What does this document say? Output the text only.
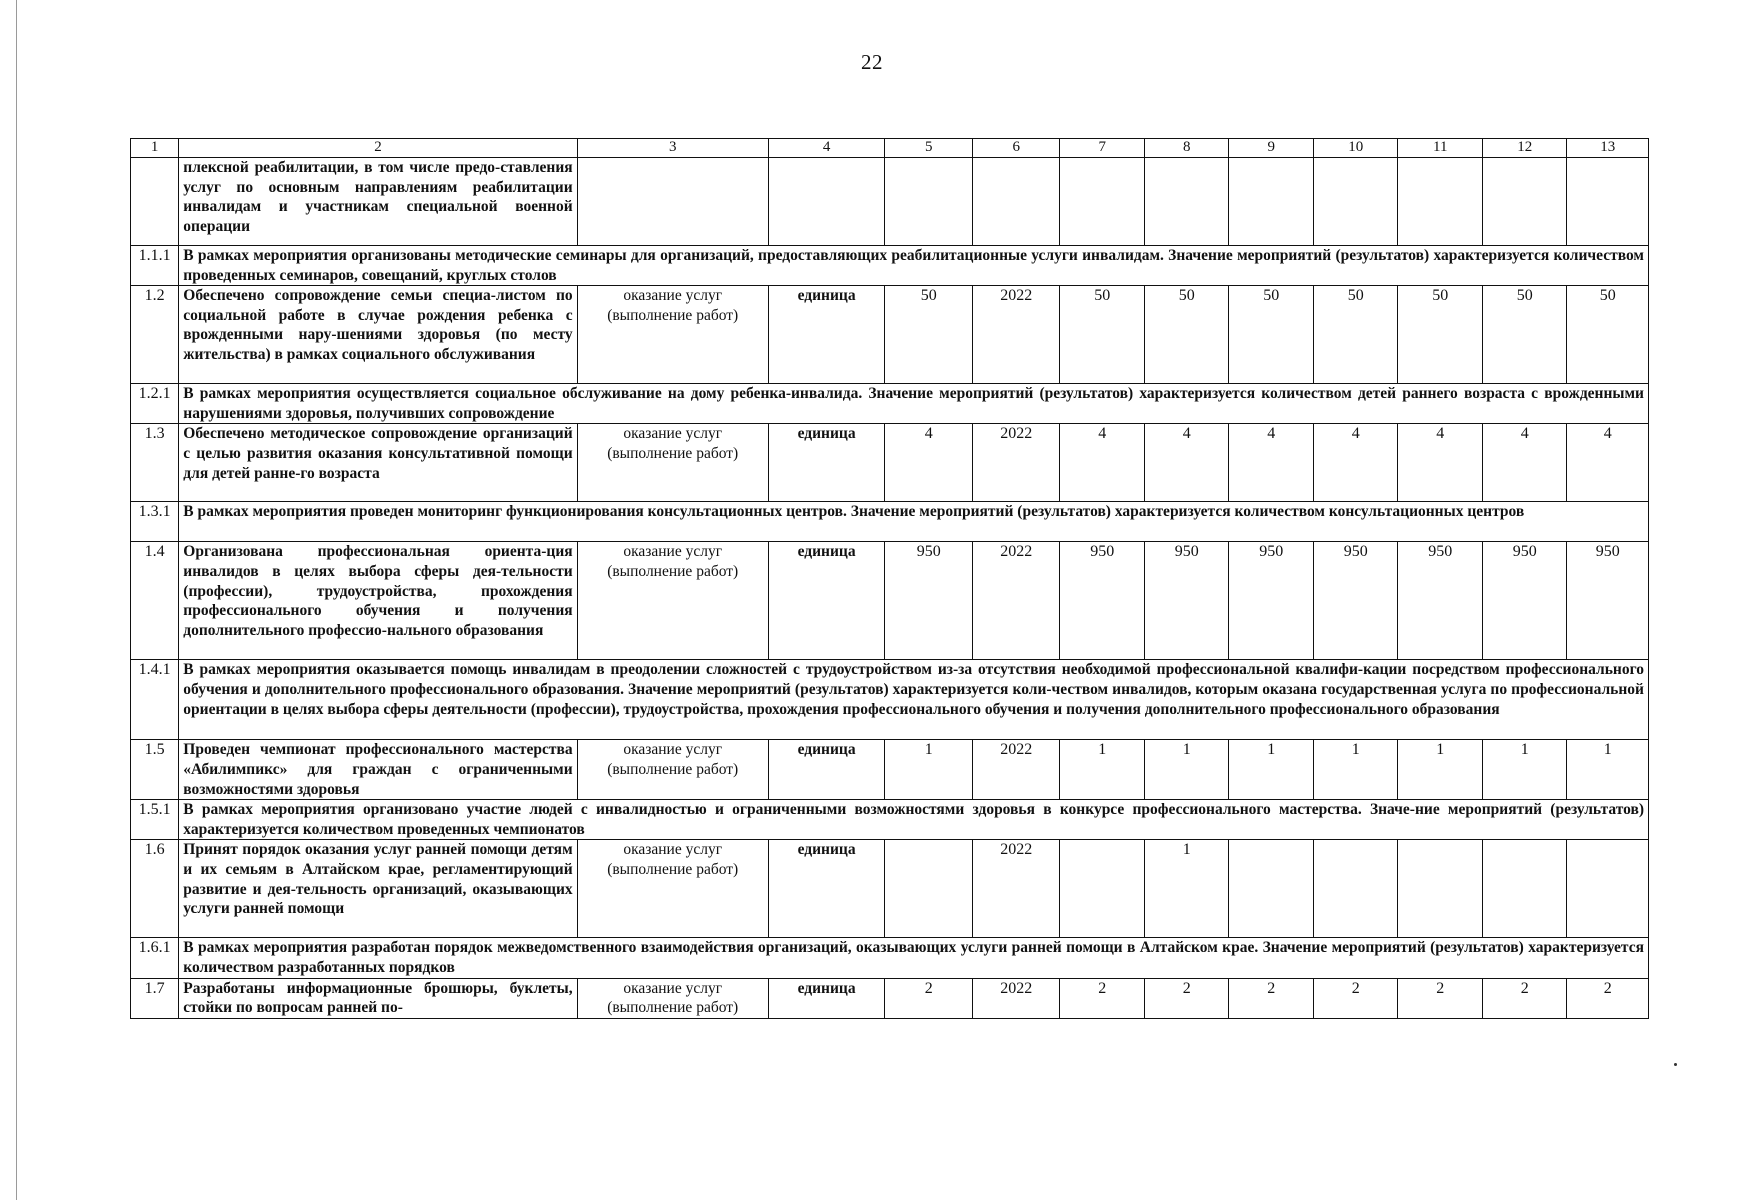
22
1	2	3	4	5	6	7	8	9	10	11	12	13
	плексной реабилитации, в том числе предо-ставления услуг по основным направлениям реабилитации инвалидам и участникам специальной военной операции											
1.1.1	В рамках мероприятия организованы методические семинары для организаций, предоставляющих реабилитационные услуги инвалидам. Значение мероприятий (результатов) характеризуется количеством проведенных семинаров, совещаний, круглых столов											
1.2	Обеспечено сопровождение семьи специа-листом по социальной работе в случае рождения ребенка с врожденными нару-шениями здоровья (по месту жительства) в рамках социального обслуживания	оказание услуг (выполнение работ)	единица	50	2022	50	50	50	50	50	50	50
1.2.1	В рамках мероприятия осуществляется социальное обслуживание на дому ребенка-инвалида. Значение мероприятий (результатов) характеризуется количеством детей раннего возраста с врожденными нарушениями здоровья, получивших сопровождение											
1.3	Обеспечено методическое сопровождение организаций с целью развития оказания консультативной помощи для детей ранне-го возраста	оказание услуг (выполнение работ)	единица	4	2022	4	4	4	4	4	4	4
1.3.1	В рамках мероприятия проведен мониторинг функционирования консультационных центров. Значение мероприятий (результатов) характеризуется количеством консультационных центров											
1.4	Организована профессиональная ориента-ция инвалидов в целях выбора сферы дея-тельности (профессии), трудоустройства, прохождения профессионального обучения и получения дополнительного профессио-нального образования	оказание услуг (выполнение работ)	единица	950	2022	950	950	950	950	950	950	950
1.4.1	В рамках мероприятия оказывается помощь инвалидам в преодолении сложностей с трудоустройством из-за отсутствия необходимой профессиональной квалифи-кации посредством профессионального обучения и дополнительного профессионального образования. Значение мероприятий (результатов) характеризуется коли-чеством инвалидов, которым оказана государственная услуга по профессиональной ориентации в целях выбора сферы деятельности (профессии), трудоустройства, прохождения профессионального обучения и получения дополнительного профессионального образования											
1.5	Проведен чемпионат профессионального мастерства «Абилимпикс» для граждан с ограниченными возможностями здоровья	оказание услуг (выполнение работ)	единица	1	2022	1	1	1	1	1	1	1
1.5.1	В рамках мероприятия организовано участие людей с инвалидностью и ограниченными возможностями здоровья в конкурсе профессионального мастерства. Значе-ние мероприятий (результатов) характеризуется количеством проведенных чемпионатов											
1.6	Принят порядок оказания услуг ранней помощи детям и их семьям в Алтайском крае, регламентирующий развитие и дея-тельность организаций, оказывающих услуги ранней помощи	оказание услуг (выполнение работ)	единица		2022		1					
1.6.1	В рамках мероприятия разработан порядок межведомственного взаимодействия организаций, оказывающих услуги ранней помощи в Алтайском крае. Значение мероприятий (результатов) характеризуется количеством разработанных порядков											
1.7	Разработаны информационные брошюры, буклеты, стойки по вопросам ранней по-	оказание услуг (выполнение работ)	единица	2	2022	2	2	2	2	2	2	2
